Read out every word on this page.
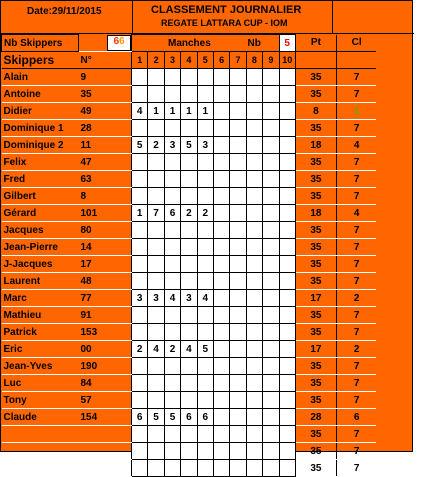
Date:29/11/2015	CLASSEMENT JOURNALIER
REGATE LATTARA CUP - IOM
Nb Skippers	66	Manches						Nb			5	Pt	Cl
Skippers	N°	1	2	3	4	5	6	7	8	9	10		
Alain	9											35	7
Antoine	35											35	7
Didier	49	4	1	1	1	1						8	1
Dominique 1	28											35	7
Dominique 2	11	5	2	3	5	3						18	4
Felix	47											35	7
Fred	63											35	7
Gilbert	8											35	7
Gérard	101	1	7	6	2	2						18	4
Jacques	80											35	7
Jean-Pierre	14											35	7
J-Jacques	17											35	7
Laurent	48											35	7
Marc	77	3	3	4	3	4						17	2
Mathieu	91											35	7
Patrick	153											35	7
Eric	00	2	4	2	4	5						17	2
Jean-Yves	190											35	7
Luc	84											35	7
Tony	57											35	7
Claude	154	6	5	5	6	6						28	6
												35	7
												35	7
												35	7
